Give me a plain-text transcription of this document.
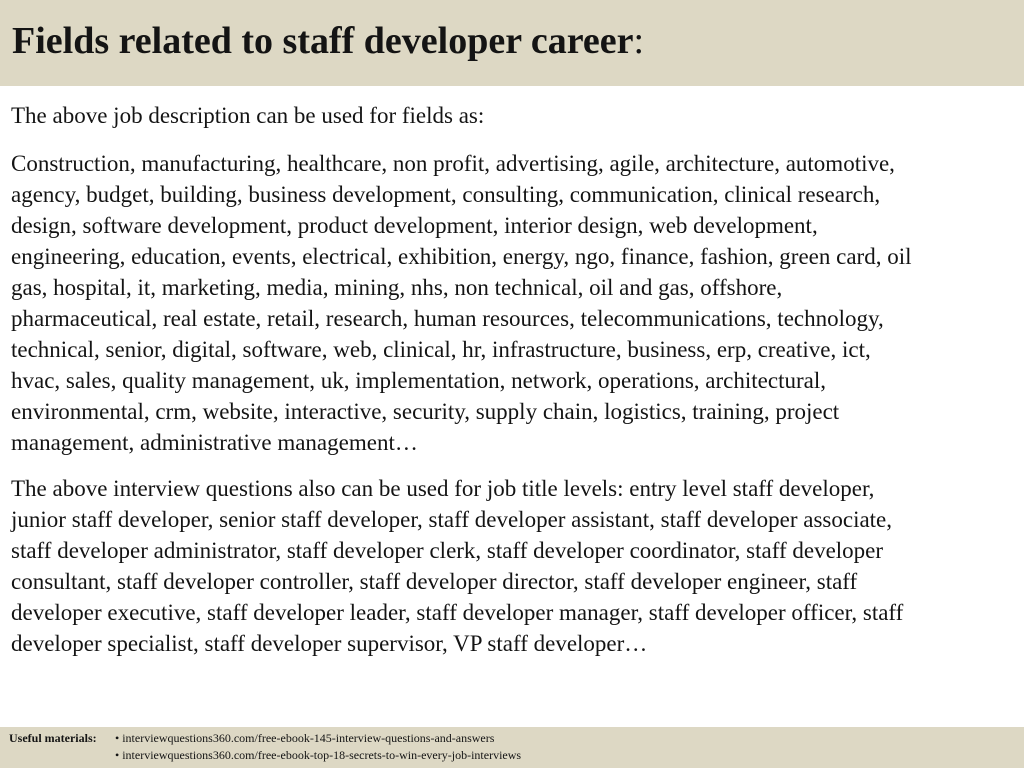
Fields related to staff developer career:

The above job description can be used for fields as:

Construction, manufacturing, healthcare, non profit, advertising, agile, architecture, automotive,
agency, budget, building, business development, consulting, communication, clinical research,
design, software development, product development, interior design, web development,
engineering, education, events, electrical, exhibition, energy, ngo, finance, fashion, green card, oil
gas, hospital, it, marketing, media, mining, nhs, non technical, oil and gas, offshore,
pharmaceutical, real estate, retail, research, human resources, telecommunications, technology,
technical, senior, digital, software, web, clinical, hr, infrastructure, business, erp, creative, ict,
hvac, sales, quality management, uk, implementation, network, operations, architectural,
environmental, crm, website, interactive, security, supply chain, logistics, training, project
management, administrative management…

The above interview questions also can be used for job title levels: entry level staff developer,
junior staff developer, senior staff developer, staff developer assistant, staff developer associate,
staff developer administrator, staff developer clerk, staff developer coordinator, staff developer
consultant, staff developer controller, staff developer director, staff developer engineer, staff
developer executive, staff developer leader, staff developer manager, staff developer officer, staff
developer specialist, staff developer supervisor, VP staff developer…

Useful materials:	• interviewquestions360.com/free-ebook-145-interview-questions-and-answers
• interviewquestions360.com/free-ebook-top-18-secrets-to-win-every-job-interviews
